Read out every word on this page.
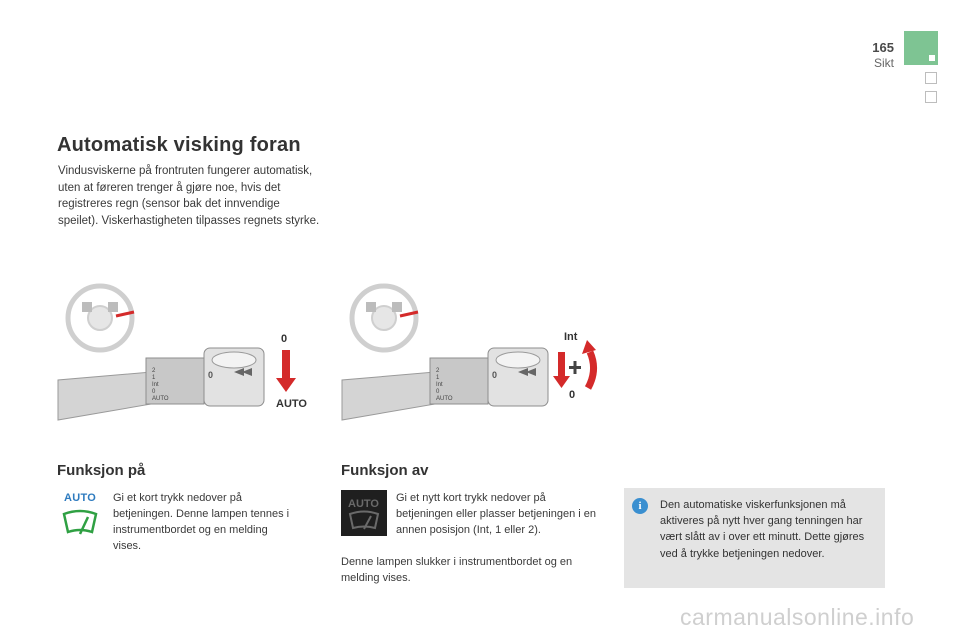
165
Sikt
Automatisk visking foran

Vindusviskerne på frontruten fungerer automatisk, uten at føreren trenger å gjøre noe, hvis det registreres regn (sensor bak det innvendige speilet). Viskerhastigheten tilpasses regnets styrke.

0
2
1
Int
0
AUTO
0
AUTO
0
2
1
Int
0
AUTO
Int
0
Funksjon på
AUTO Gi et kort trykk nedover på betjeningen. Denne lampen tennes i instrumentbordet og en melding vises.

Funksjon av
AUTO Gi et nytt kort trykk nedover på betjeningen eller plasser betjeningen i en annen posisjon (Int, 1 eller 2).

Denne lampen slukker i instrumentbordet og en melding vises.

i	Den automatiske viskerfunksjonen må aktiveres på nytt hver gang tenningen har vært slått av i over ett minutt. Dette gjøres ved å trykke betjeningen nedover.

carmanualsonline.info
